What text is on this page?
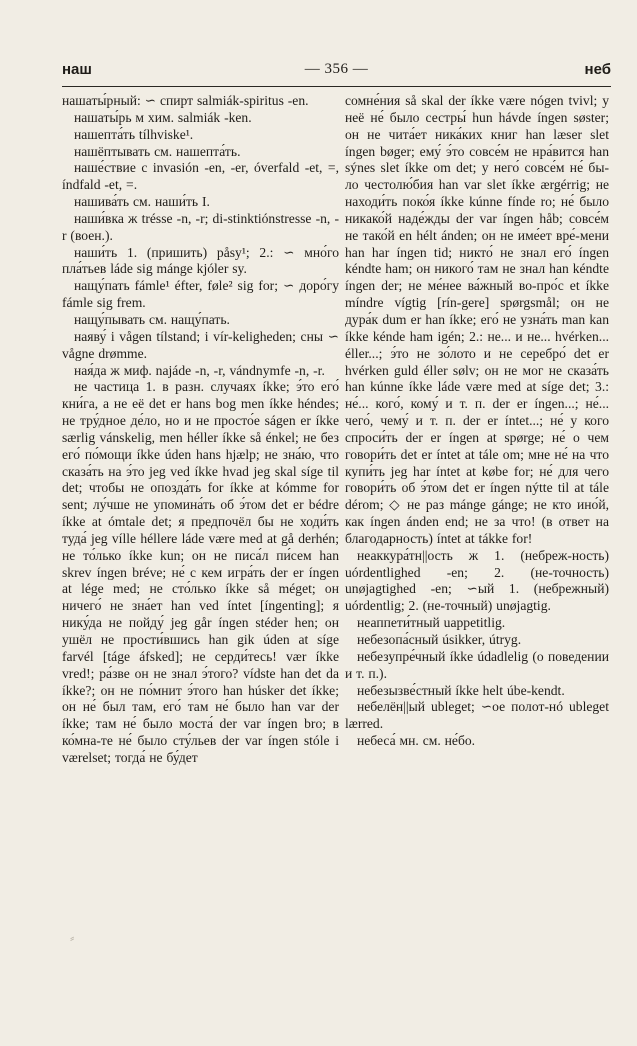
наш	— 356 —	неб

нашаты́рный: ∽ спирт salmiák-spiritus -en.

нашаты́рь м хим. salmiák -ken.

нашепта́ть tílhviske¹.

нашёптывать см. нашепта́ть.

наше́ствие с invasión -en, -er, óverfald -et, =, índfald -et, =.

нашива́ть см. наши́ть I.

наши́вка ж trésse -n, -r; di-stinktiónstresse -n, -r (воен.).

наши́ть 1. (пришить) påsy¹; 2.: ∽ мно́го пла́тьев láde sig mánge kjóler sy.

нащу́пать fámle¹ éfter, føle² sig for; ∽ доро́гу fámle sig frem.

нащу́пывать см. нащу́пать.

наяву́ i vågen tílstand; i vír-keligheden; сны ∽ vågne drømme.

ная́да ж миф. najáde -n, -r, vándnymfe -n, -r.

не частица 1. в разн. случаях íkke; э́то его́ кни́га, а не её det er hans bog men íkke héndes; не тру́дное де́ло, но и не просто́е ságen er íkke særlig vánskelig, men héller íkke så énkel; не без его́ по́мощи íkke úden hans hjælp; не зна́ю, что сказа́ть на э́то jeg ved íkke hvad jeg skal síge til det; чтобы не опозда́ть for íkke at kómme for sent; лу́чше не упомина́ть об э́том det er bédre íkke at ómtale det; я предпочёл бы не ходи́ть туда́ jeg vílle héllere láde være med at gå derhén; не то́лько íkke kun; он не писа́л пи́сем han skrev íngen bréve; не́ с кем игра́ть der er íngen at lége med; не сто́лько íkke så méget; он ничего́ не зна́ет han ved íntet [íngenting]; я нику́да не пойду́ jeg går íngen stéder hen; он ушёл не прости́вшись han gik úden at síge farvél [táge áfsked]; не серди́тесь! vær íkke vred!; ра́зве он не знал э́того? vídste han det da íkke?; он не по́мнит э́того han húsker det íkke; он не́ был там, его́ там не́ было han var der íkke; там не́ было моста́ der var íngen bro; в ко́мна-те не́ было сту́льев der var íngen stóle i værelset; тогда́ не бу́дет

сомне́ния så skal der íkke være nógen tvivl; у неё не́ было сестры́ hun hávde íngen søster; он не чита́ет ника́ких книг han læser slet íngen bøger; ему́ э́то совсе́м не нра́вится han sýnes slet íkke om det; у него́ совсе́м не́ бы-ло честолю́бия han var slet íkke ærgérrig; не находи́ть поко́я íkke kúnne fínde ro; не́ было никако́й наде́жды der var íngen håb; совсе́м не тако́й en hélt ánden; он не име́ет вре́-мени han har íngen tid; никто́ не знал его́ íngen kéndte ham; он никого́ там не знал han kéndte íngen der; не ме́нее ва́жный во-про́с et íkke míndre vígtig [rín-gere] spørgsmål; он не дура́к dum er han íkke; его́ не узна́ть man kan íkke kénde ham igén; 2.: не... и не... hvérken... éller...; э́то не зо́лото и не серебро́ det er hvérken guld éller sølv; он не мог не сказа́ть han kúnne íkke láde være med at síge det; 3.: не́... кого́, кому́ и т. п. der er íngen...; не́... чего́, чему́ и т. п. der er íntet...; не́ у кого спроси́ть der er íngen at spørge; не́ о чем говори́ть det er íntet at tále om; мне не́ на что купи́ть jeg har íntet at købe for; не́ для чего говори́ть об э́том det er íngen nýtte til at tále dérom; ◇ не раз mánge gánge; не кто ино́й, как íngen ánden end; не за что! (в ответ на благодарность) íntet at tákke for!

неаккура́тн||ость ж 1. (небреж-ность) uórdentlighed -en; 2. (не-точность) unøjagtighed -en; ∽ый 1. (небрежный) uórdentlig; 2. (не-точный) unøjagtig.

неаппети́тный uappetitlig.

небезопа́сный úsikker, útryg.

небезупре́чный íkke údadlelig (о поведении и т. п.).

небезызве́стный íkke helt úbe-kendt.

небелён||ый ubleget; ∽ое полот-нó ubleget lærred.

небеса́ мн. см. не́бо.

⸗
